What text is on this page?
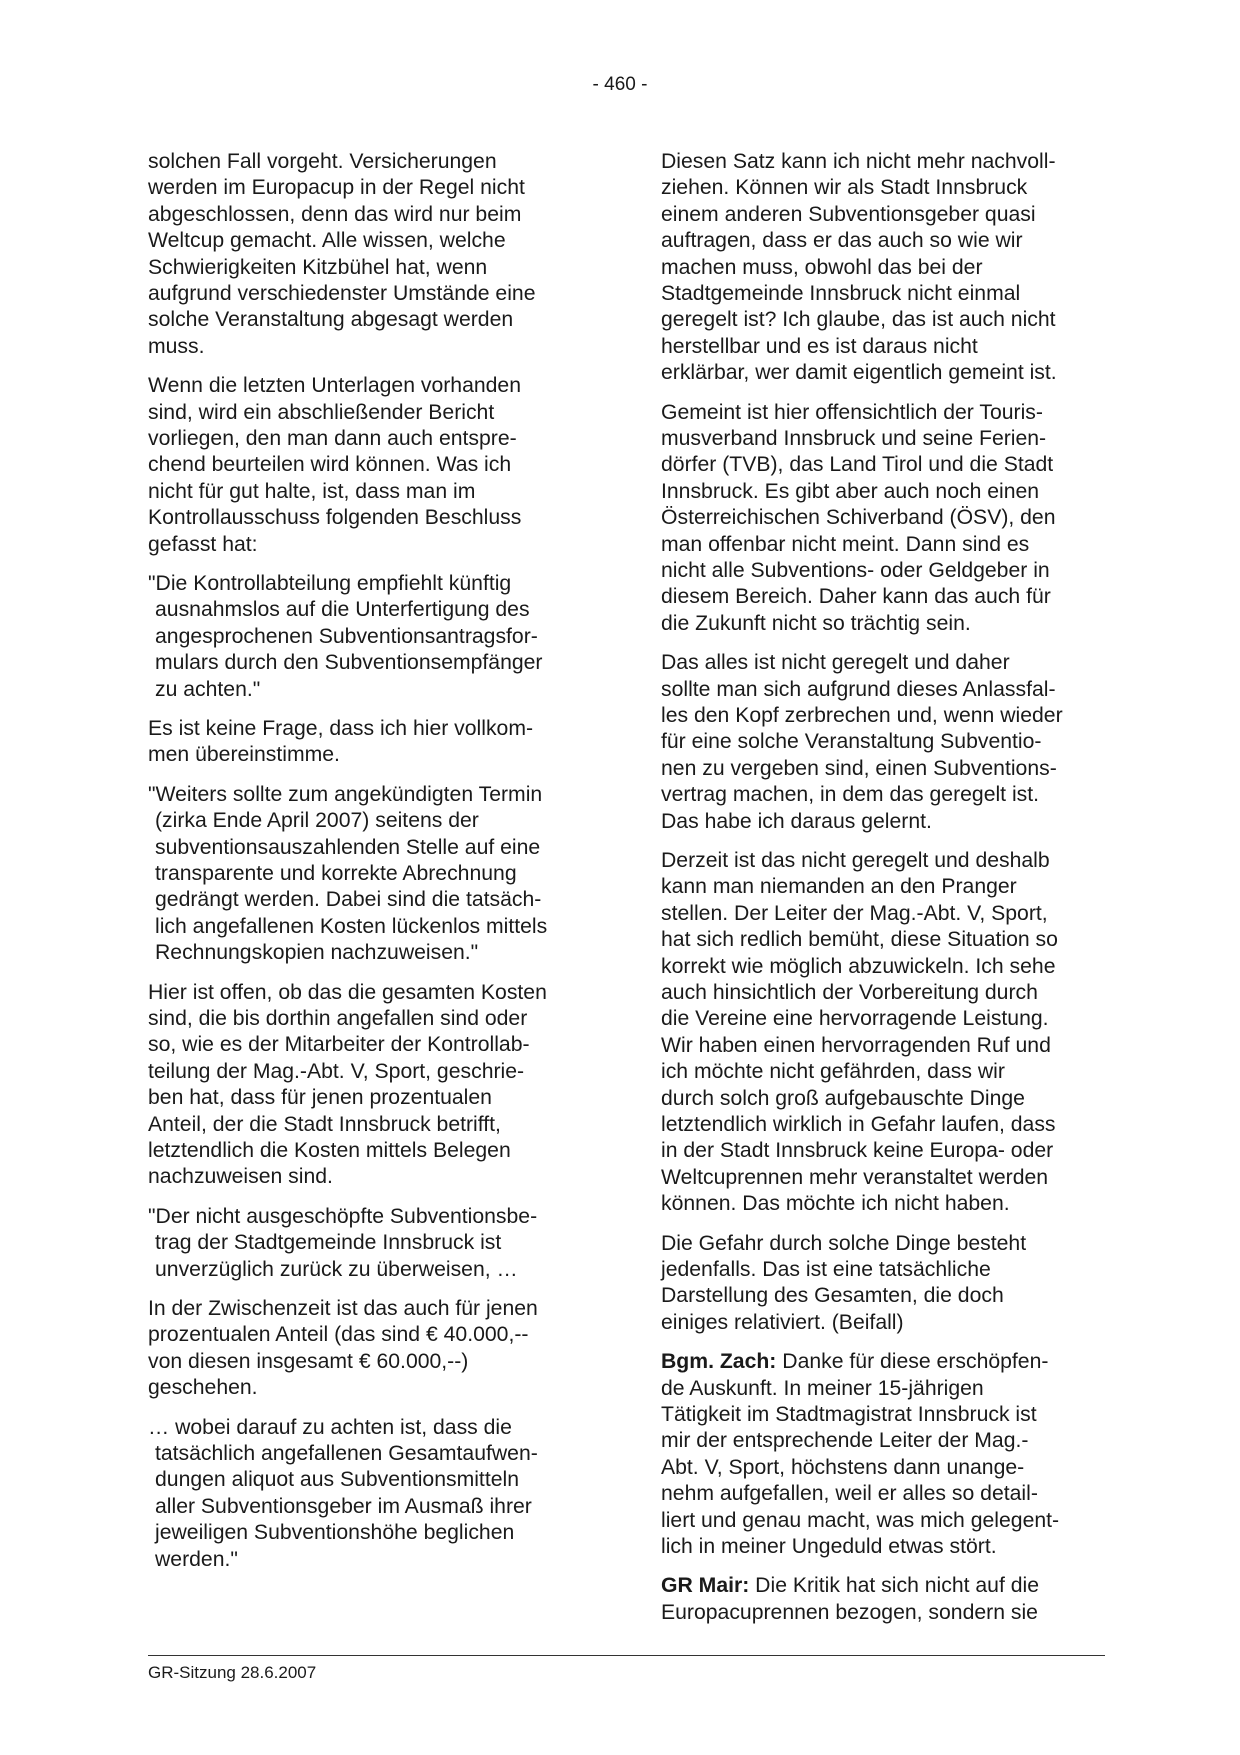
- 460 -
solchen Fall vorgeht. Versicherungen
werden im Europacup in der Regel nicht
abgeschlossen, denn das wird nur beim
Weltcup gemacht. Alle wissen, welche
Schwierigkeiten Kitzbühel hat, wenn
aufgrund verschiedenster Umstände eine
solche Veranstaltung abgesagt werden
muss.
Wenn die letzten Unterlagen vorhanden
sind, wird ein abschließender Bericht
vorliegen, den man dann auch entspre-
chend beurteilen wird können. Was ich
nicht für gut halte, ist, dass man im
Kontrollausschuss folgenden Beschluss
gefasst hat:
"Die Kontrollabteilung empfiehlt künftig
ausnahmslos auf die Unterfertigung des
angesprochenen Subventionsantragsfor-
mulars durch den Subventionsempfänger
zu achten."
Es ist keine Frage, dass ich hier vollkom-
men übereinstimme.
"Weiters sollte zum angekündigten Termin
(zirka Ende April 2007) seitens der
subventionsauszahlenden Stelle auf eine
transparente und korrekte Abrechnung
gedrängt werden. Dabei sind die tatsäch-
lich angefallenen Kosten lückenlos mittels
Rechnungskopien nachzuweisen."
Hier ist offen, ob das die gesamten Kosten
sind, die bis dorthin angefallen sind oder
so, wie es der Mitarbeiter der Kontrollab-
teilung der Mag.-Abt. V, Sport, geschrie-
ben hat, dass für jenen prozentualen
Anteil, der die Stadt Innsbruck betrifft,
letztendlich die Kosten mittels Belegen
nachzuweisen sind.
"Der nicht ausgeschöpfte Subventionsbe-
trag der Stadtgemeinde Innsbruck ist
unverzüglich zurück zu überweisen, …
In der Zwischenzeit ist das auch für jenen
prozentualen Anteil (das sind € 40.000,--
von diesen insgesamt € 60.000,--)
geschehen.
… wobei darauf zu achten ist, dass die
tatsächlich angefallenen Gesamtaufwen-
dungen aliquot aus Subventionsmitteln
aller Subventionsgeber im Ausmaß ihrer
jeweiligen Subventionshöhe beglichen
werden."
Diesen Satz kann ich nicht mehr nachvoll-
ziehen. Können wir als Stadt Innsbruck
einem anderen Subventionsgeber quasi
auftragen, dass er das auch so wie wir
machen muss, obwohl das bei der
Stadtgemeinde Innsbruck nicht einmal
geregelt ist? Ich glaube, das ist auch nicht
herstellbar und es ist daraus nicht
erklärbar, wer damit eigentlich gemeint ist.
Gemeint ist hier offensichtlich der Touris-
musverband Innsbruck und seine Ferien-
dörfer (TVB), das Land Tirol und die Stadt
Innsbruck. Es gibt aber auch noch einen
Österreichischen Schiverband (ÖSV), den
man offenbar nicht meint. Dann sind es
nicht alle Subventions- oder Geldgeber in
diesem Bereich. Daher kann das auch für
die Zukunft nicht so trächtig sein.
Das alles ist nicht geregelt und daher
sollte man sich aufgrund dieses Anlassfal-
les den Kopf zerbrechen und, wenn wieder
für eine solche Veranstaltung Subventio-
nen zu vergeben sind, einen Subventions-
vertrag machen, in dem das geregelt ist.
Das habe ich daraus gelernt.
Derzeit ist das nicht geregelt und deshalb
kann man niemanden an den Pranger
stellen. Der Leiter der Mag.-Abt. V, Sport,
hat sich redlich bemüht, diese Situation so
korrekt wie möglich abzuwickeln. Ich sehe
auch hinsichtlich der Vorbereitung durch
die Vereine eine hervorragende Leistung.
Wir haben einen hervorragenden Ruf und
ich möchte nicht gefährden, dass wir
durch solch groß aufgebauschte Dinge
letztendlich wirklich in Gefahr laufen, dass
in der Stadt Innsbruck keine Europa- oder
Weltcuprennen mehr veranstaltet werden
können. Das möchte ich nicht haben.
Die Gefahr durch solche Dinge besteht
jedenfalls. Das ist eine tatsächliche
Darstellung des Gesamten, die doch
einiges relativiert. (Beifall)
Bgm. Zach: Danke für diese erschöpfen-
de Auskunft. In meiner 15-jährigen
Tätigkeit im Stadtmagistrat Innsbruck ist
mir der entsprechende Leiter der Mag.-
Abt. V, Sport, höchstens dann unange-
nehm aufgefallen, weil er alles so detail-
liert und genau macht, was mich gelegent-
lich in meiner Ungeduld etwas stört.
GR Mair: Die Kritik hat sich nicht auf die
Europacuprennen bezogen, sondern sie
GR-Sitzung 28.6.2007
